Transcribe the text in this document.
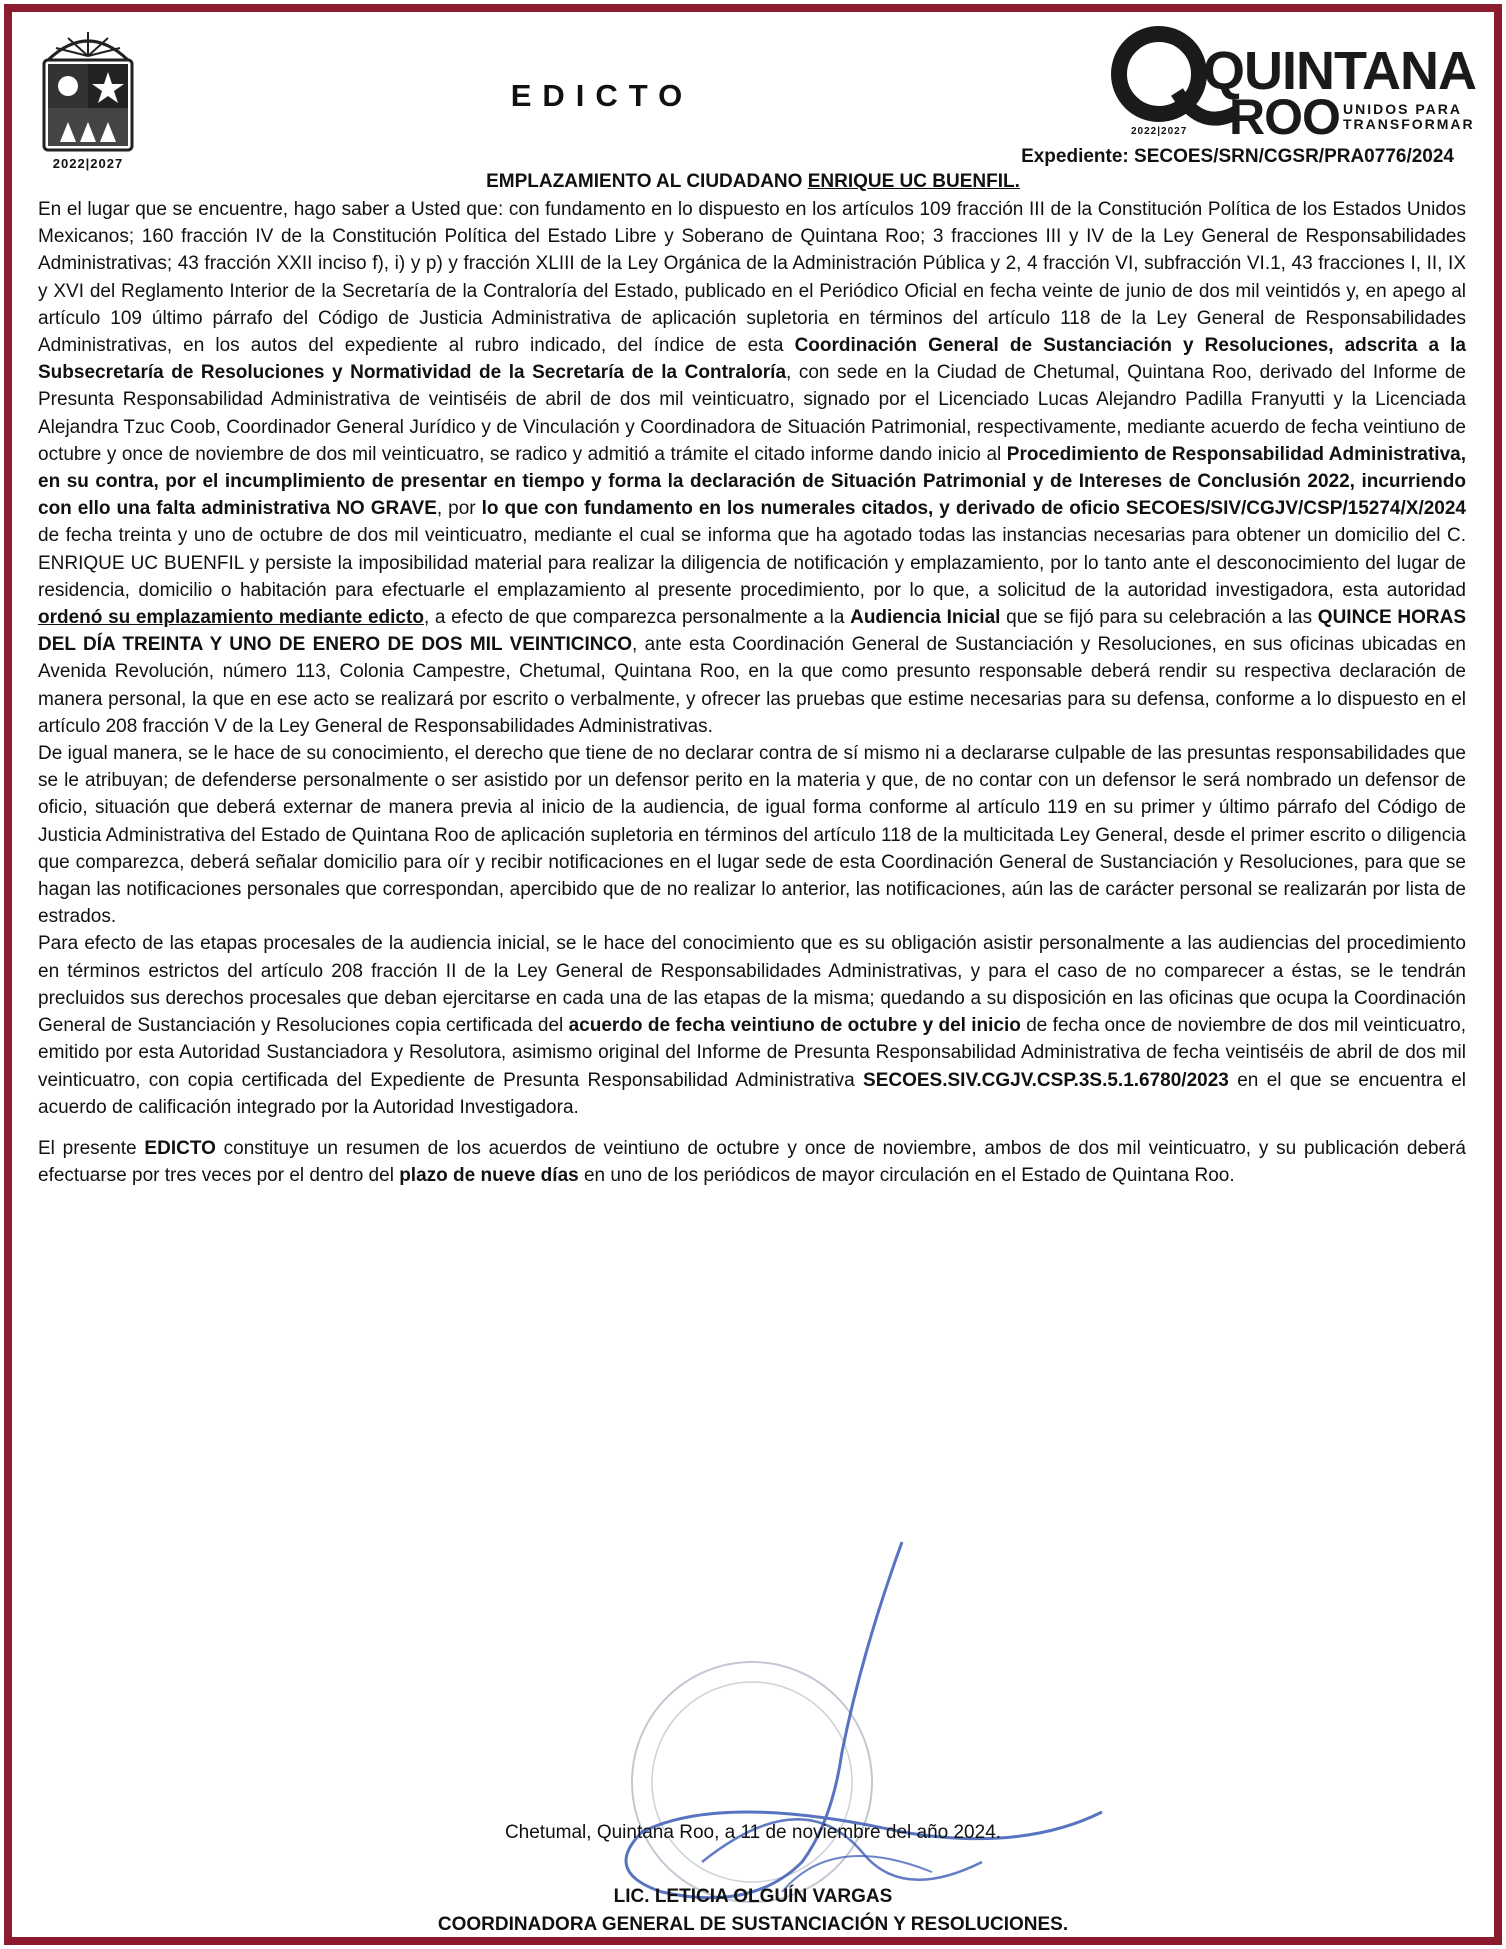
2022|2027
EDICTO	QUINTANA
ROO UNIDOS PARA
TRANSFORMAR
2022|2027
Expediente: SECOES/SRN/CGSR/PRA0776/2024
EMPLAZAMIENTO AL CIUDADANO ENRIQUE UC BUENFIL.

En el lugar que se encuentre, hago saber a Usted que: con fundamento en lo dispuesto en los artículos 109 fracción III de la Constitución Política de los Estados Unidos Mexicanos; 160 fracción IV de la Constitución Política del Estado Libre y Soberano de Quintana Roo; 3 fracciones III y IV de la Ley General de Responsabilidades Administrativas; 43 fracción XXII inciso f), i) y p) y fracción XLIII de la Ley Orgánica de la Administración Pública y 2, 4 fracción VI, subfracción VI.1, 43 fracciones I, II, IX y XVI del Reglamento Interior de la Secretaría de la Contraloría del Estado, publicado en el Periódico Oficial en fecha veinte de junio de dos mil veintidós y, en apego al artículo 109 último párrafo del Código de Justicia Administrativa de aplicación supletoria en términos del artículo 118 de la Ley General de Responsabilidades Administrativas, en los autos del expediente al rubro indicado, del índice de esta Coordinación General de Sustanciación y Resoluciones, adscrita a la Subsecretaría de Resoluciones y Normatividad de la Secretaría de la Contraloría, con sede en la Ciudad de Chetumal, Quintana Roo, derivado del Informe de Presunta Responsabilidad Administrativa de veintiséis de abril de dos mil veinticuatro, signado por el Licenciado Lucas Alejandro Padilla Franyutti y la Licenciada Alejandra Tzuc Coob, Coordinador General Jurídico y de Vinculación y Coordinadora de Situación Patrimonial, respectivamente, mediante acuerdo de fecha veintiuno de octubre y once de noviembre de dos mil veinticuatro, se radico y admitió a trámite el citado informe dando inicio al Procedimiento de Responsabilidad Administrativa, en su contra, por el incumplimiento de presentar en tiempo y forma la declaración de Situación Patrimonial y de Intereses de Conclusión 2022, incurriendo con ello una falta administrativa NO GRAVE, por lo que con fundamento en los numerales citados, y derivado de oficio SECOES/SIV/CGJV/CSP/15274/X/2024 de fecha treinta y uno de octubre de dos mil veinticuatro, mediante el cual se informa que ha agotado todas las instancias necesarias para obtener un domicilio del C. ENRIQUE UC BUENFIL y persiste la imposibilidad material para realizar la diligencia de notificación y emplazamiento, por lo tanto ante el desconocimiento del lugar de residencia, domicilio o habitación para efectuarle el emplazamiento al presente procedimiento, por lo que, a solicitud de la autoridad investigadora, esta autoridad ordenó su emplazamiento mediante edicto, a efecto de que comparezca personalmente a la Audiencia Inicial que se fijó para su celebración a las QUINCE HORAS DEL DÍA TREINTA Y UNO DE ENERO DE DOS MIL VEINTICINCO, ante esta Coordinación General de Sustanciación y Resoluciones, en sus oficinas ubicadas en Avenida Revolución, número 113, Colonia Campestre, Chetumal, Quintana Roo, en la que como presunto responsable deberá rendir su respectiva declaración de manera personal, la que en ese acto se realizará por escrito o verbalmente, y ofrecer las pruebas que estime necesarias para su defensa, conforme a lo dispuesto en el artículo 208 fracción V de la Ley General de Responsabilidades Administrativas.

De igual manera, se le hace de su conocimiento, el derecho que tiene de no declarar contra de sí mismo ni a declararse culpable de las presuntas responsabilidades que se le atribuyan; de defenderse personalmente o ser asistido por un defensor perito en la materia y que, de no contar con un defensor le será nombrado un defensor de oficio, situación que deberá externar de manera previa al inicio de la audiencia, de igual forma conforme al artículo 119 en su primer y último párrafo del Código de Justicia Administrativa del Estado de Quintana Roo de aplicación supletoria en términos del artículo 118 de la multicitada Ley General, desde el primer escrito o diligencia que comparezca, deberá señalar domicilio para oír y recibir notificaciones en el lugar sede de esta Coordinación General de Sustanciación y Resoluciones, para que se hagan las notificaciones personales que correspondan, apercibido que de no realizar lo anterior, las notificaciones, aún las de carácter personal se realizarán por lista de estrados.

Para efecto de las etapas procesales de la audiencia inicial, se le hace del conocimiento que es su obligación asistir personalmente a las audiencias del procedimiento en términos estrictos del artículo 208 fracción II de la Ley General de Responsabilidades Administrativas, y para el caso de no comparecer a éstas, se le tendrán precluidos sus derechos procesales que deban ejercitarse en cada una de las etapas de la misma; quedando a su disposición en las oficinas que ocupa la Coordinación General de Sustanciación y Resoluciones copia certificada del acuerdo de fecha veintiuno de octubre y del inicio de fecha once de noviembre de dos mil veinticuatro, emitido por esta Autoridad Sustanciadora y Resolutora, asimismo original del Informe de Presunta Responsabilidad Administrativa de fecha veintiséis de abril de dos mil veinticuatro, con copia certificada del Expediente de Presunta Responsabilidad Administrativa SECOES.SIV.CGJV.CSP.3S.5.1.6780/2023 en el que se encuentra el acuerdo de calificación integrado por la Autoridad Investigadora.

El presente EDICTO constituye un resumen de los acuerdos de veintiuno de octubre y once de noviembre, ambos de dos mil veinticuatro, y su publicación deberá efectuarse por tres veces por el dentro del plazo de nueve días en uno de los periódicos de mayor circulación en el Estado de Quintana Roo.

Chetumal, Quintana Roo, a 11 de noviembre del año 2024.
LIC. LETICIA OLGUÍN VARGAS
COORDINADORA GENERAL DE SUSTANCIACIÓN Y RESOLUCIONES.
